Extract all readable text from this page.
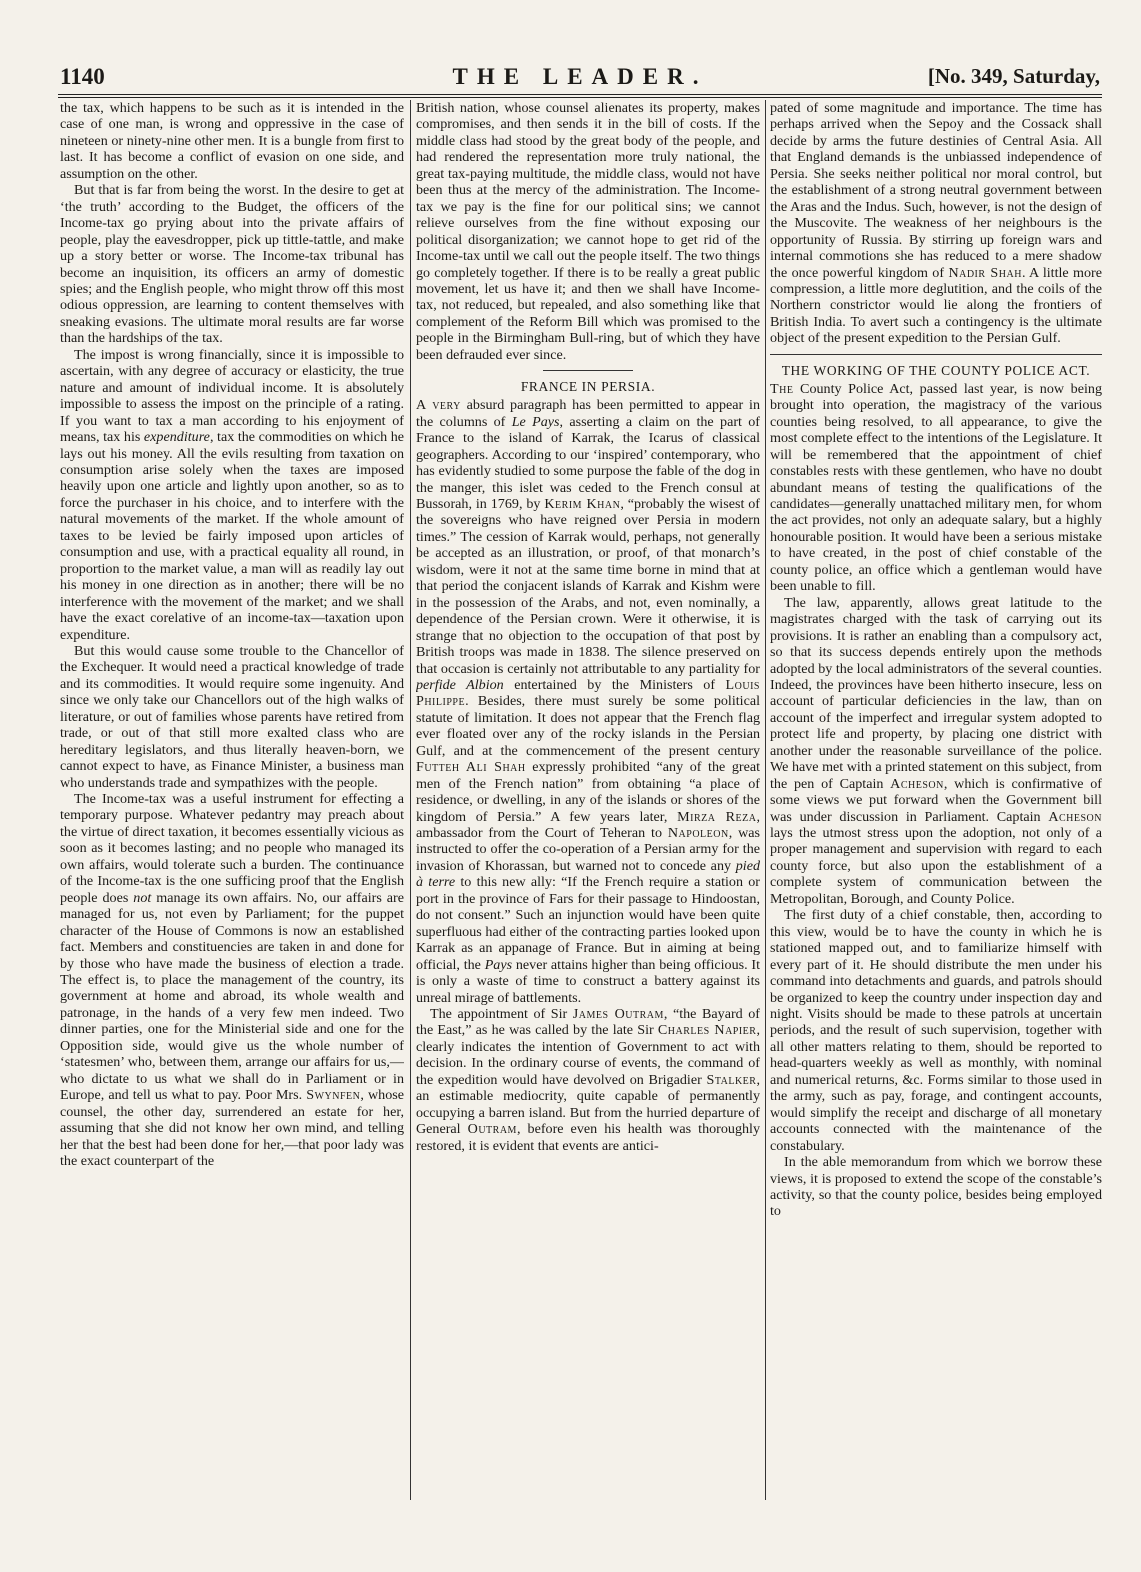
1140	THE LEADER.	[No. 349, Saturday,

the tax, which happens to be such as it is intended in the case of one man, is wrong and oppressive in the case of nineteen or ninety-nine other men. It is a bungle from first to last. It has become a conflict of evasion on one side, and assumption on the other.

But that is far from being the worst. In the desire to get at ‘the truth’ according to the Budget, the officers of the Income-tax go prying about into the private affairs of people, play the eavesdropper, pick up tittle-tattle, and make up a story better or worse. The Income-tax tribunal has become an inquisition, its officers an army of domestic spies; and the English people, who might throw off this most odious oppression, are learning to content themselves with sneaking evasions. The ultimate moral results are far worse than the hardships of the tax.

The impost is wrong financially, since it is impossible to ascertain, with any degree of accuracy or elasticity, the true nature and amount of individual income. It is absolutely impossible to assess the impost on the principle of a rating. If you want to tax a man according to his enjoyment of means, tax his expenditure, tax the commodities on which he lays out his money. All the evils resulting from taxation on consumption arise solely when the taxes are imposed heavily upon one article and lightly upon another, so as to force the purchaser in his choice, and to interfere with the natural movements of the market. If the whole amount of taxes to be levied be fairly imposed upon articles of consumption and use, with a practical equality all round, in proportion to the market value, a man will as readily lay out his money in one direction as in another; there will be no interference with the movement of the market; and we shall have the exact corelative of an income-tax—taxation upon expenditure.

But this would cause some trouble to the Chancellor of the Exchequer. It would need a practical knowledge of trade and its commodities. It would require some ingenuity. And since we only take our Chancellors out of the high walks of literature, or out of families whose parents have retired from trade, or out of that still more exalted class who are hereditary legislators, and thus literally heaven-born, we cannot expect to have, as Finance Minister, a business man who understands trade and sympathizes with the people.

The Income-tax was a useful instrument for effecting a temporary purpose. Whatever pedantry may preach about the virtue of direct taxation, it becomes essentially vicious as soon as it becomes lasting; and no people who managed its own affairs, would tolerate such a burden. The continuance of the Income-tax is the one sufficing proof that the English people does not manage its own affairs. No, our affairs are managed for us, not even by Parliament; for the puppet character of the House of Commons is now an established fact. Members and constituencies are taken in and done for by those who have made the business of election a trade. The effect is, to place the management of the country, its government at home and abroad, its whole wealth and patronage, in the hands of a very few men indeed. Two dinner parties, one for the Ministerial side and one for the Opposition side, would give us the whole number of ‘statesmen’ who, between them, arrange our affairs for us,—who dictate to us what we shall do in Parliament or in Europe, and tell us what to pay. Poor Mrs. Swynfen, whose counsel, the other day, surrendered an estate for her, assuming that she did not know her own mind, and telling her that the best had been done for her,—that poor lady was the exact counterpart of the

British nation, whose counsel alienates its property, makes compromises, and then sends it in the bill of costs. If the middle class had stood by the great body of the people, and had rendered the representation more truly national, the great tax-paying multitude, the middle class, would not have been thus at the mercy of the administration. The Income-tax we pay is the fine for our political sins; we cannot relieve ourselves from the fine without exposing our political disorganization; we cannot hope to get rid of the Income-tax until we call out the people itself. The two things go completely together. If there is to be really a great public movement, let us have it; and then we shall have Income-tax, not reduced, but repealed, and also something like that complement of the Reform Bill which was promised to the people in the Birmingham Bull-ring, but of which they have been defrauded ever since.

FRANCE IN PERSIA.

A very absurd paragraph has been permitted to appear in the columns of Le Pays, asserting a claim on the part of France to the island of Karrak, the Icarus of classical geographers. According to our ‘inspired’ contemporary, who has evidently studied to some purpose the fable of the dog in the manger, this islet was ceded to the French consul at Bussorah, in 1769, by Kerim Khan, “probably the wisest of the sovereigns who have reigned over Persia in modern times.” The cession of Karrak would, perhaps, not generally be accepted as an illustration, or proof, of that monarch’s wisdom, were it not at the same time borne in mind that at that period the conjacent islands of Karrak and Kishm were in the possession of the Arabs, and not, even nominally, a dependence of the Persian crown. Were it otherwise, it is strange that no objection to the occupation of that post by British troops was made in 1838. The silence preserved on that occasion is certainly not attributable to any partiality for perfide Albion entertained by the Ministers of Louis Philippe. Besides, there must surely be some political statute of limitation. It does not appear that the French flag ever floated over any of the rocky islands in the Persian Gulf, and at the commencement of the present century Futteh Ali Shah expressly prohibited “any of the great men of the French nation” from obtaining “a place of residence, or dwelling, in any of the islands or shores of the kingdom of Persia.” A few years later, Mirza Reza, ambassador from the Court of Teheran to Napoleon, was instructed to offer the co-operation of a Persian army for the invasion of Khorassan, but warned not to concede any pied à terre to this new ally: “If the French require a station or port in the province of Fars for their passage to Hindoostan, do not consent.” Such an injunction would have been quite superfluous had either of the contracting parties looked upon Karrak as an appanage of France. But in aiming at being official, the Pays never attains higher than being officious. It is only a waste of time to construct a battery against its unreal mirage of battlements.

The appointment of Sir James Outram, “the Bayard of the East,” as he was called by the late Sir Charles Napier, clearly indicates the intention of Government to act with decision. In the ordinary course of events, the command of the expedition would have devolved on Brigadier Stalker, an estimable mediocrity, quite capable of permanently occupying a barren island. But from the hurried departure of General Outram, before even his health was thoroughly restored, it is evident that events are antici-

pated of some magnitude and importance. The time has perhaps arrived when the Sepoy and the Cossack shall decide by arms the future destinies of Central Asia. All that England demands is the unbiassed independence of Persia. She seeks neither political nor moral control, but the establishment of a strong neutral government between the Aras and the Indus. Such, however, is not the design of the Muscovite. The weakness of her neighbours is the opportunity of Russia. By stirring up foreign wars and internal commotions she has reduced to a mere shadow the once powerful kingdom of Nadir Shah. A little more compression, a little more deglutition, and the coils of the Northern constrictor would lie along the frontiers of British India. To avert such a contingency is the ultimate object of the present expedition to the Persian Gulf.

THE WORKING OF THE COUNTY POLICE ACT.

The County Police Act, passed last year, is now being brought into operation, the magistracy of the various counties being resolved, to all appearance, to give the most complete effect to the intentions of the Legislature. It will be remembered that the appointment of chief constables rests with these gentlemen, who have no doubt abundant means of testing the qualifications of the candidates—generally unattached military men, for whom the act provides, not only an adequate salary, but a highly honourable position. It would have been a serious mistake to have created, in the post of chief constable of the county police, an office which a gentleman would have been unable to fill.

The law, apparently, allows great latitude to the magistrates charged with the task of carrying out its provisions. It is rather an enabling than a compulsory act, so that its success depends entirely upon the methods adopted by the local administrators of the several counties. Indeed, the provinces have been hitherto insecure, less on account of particular deficiencies in the law, than on account of the imperfect and irregular system adopted to protect life and property, by placing one district with another under the reasonable surveillance of the police. We have met with a printed statement on this subject, from the pen of Captain Acheson, which is confirmative of some views we put forward when the Government bill was under discussion in Parliament. Captain Acheson lays the utmost stress upon the adoption, not only of a proper management and supervision with regard to each county force, but also upon the establishment of a complete system of communication between the Metropolitan, Borough, and County Police.

The first duty of a chief constable, then, according to this view, would be to have the county in which he is stationed mapped out, and to familiarize himself with every part of it. He should distribute the men under his command into detachments and guards, and patrols should be organized to keep the country under inspection day and night. Visits should be made to these patrols at uncertain periods, and the result of such supervision, together with all other matters relating to them, should be reported to head-quarters weekly as well as monthly, with nominal and numerical returns, &c. Forms similar to those used in the army, such as pay, forage, and contingent accounts, would simplify the receipt and discharge of all monetary accounts connected with the maintenance of the constabulary.

In the able memorandum from which we borrow these views, it is proposed to extend the scope of the constable’s activity, so that the county police, besides being employed to
